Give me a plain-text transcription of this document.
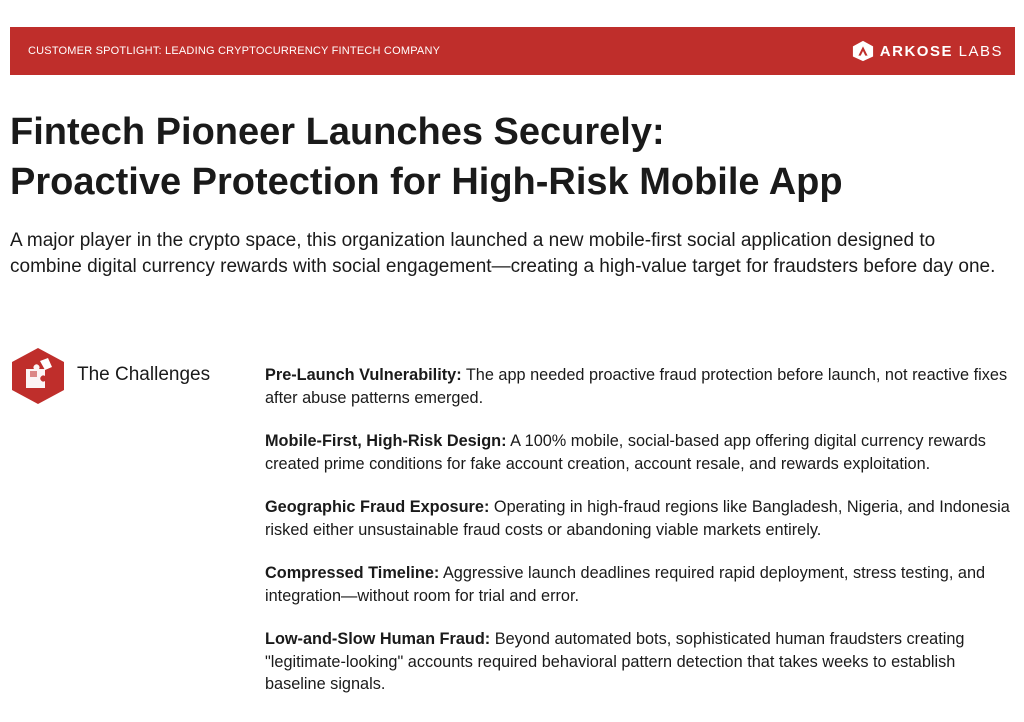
CUSTOMER SPOTLIGHT: LEADING CRYPTOCURRENCY FINTECH COMPANY	ARKOSE LABS
Fintech Pioneer Launches Securely:
Proactive Protection for High-Risk Mobile App

A major player in the crypto space, this organization launched a new mobile-first social application designed to combine digital currency rewards with social engagement—creating a high-value target for fraudsters before day one.

The Challenges	Pre-Launch Vulnerability: The app needed proactive fraud protection before launch, not reactive fixes after abuse patterns emerged.

Mobile-First, High-Risk Design: A 100% mobile, social-based app offering digital currency rewards created prime conditions for fake account creation, account resale, and rewards exploitation.

Geographic Fraud Exposure: Operating in high-fraud regions like Bangladesh, Nigeria, and Indonesia risked either unsustainable fraud costs or abandoning viable markets entirely.

Compressed Timeline: Aggressive launch deadlines required rapid deployment, stress testing, and integration—without room for trial and error.

Low-and-Slow Human Fraud: Beyond automated bots, sophisticated human fraudsters creating "legitimate-looking" accounts required behavioral pattern detection that takes weeks to establish baseline signals.
